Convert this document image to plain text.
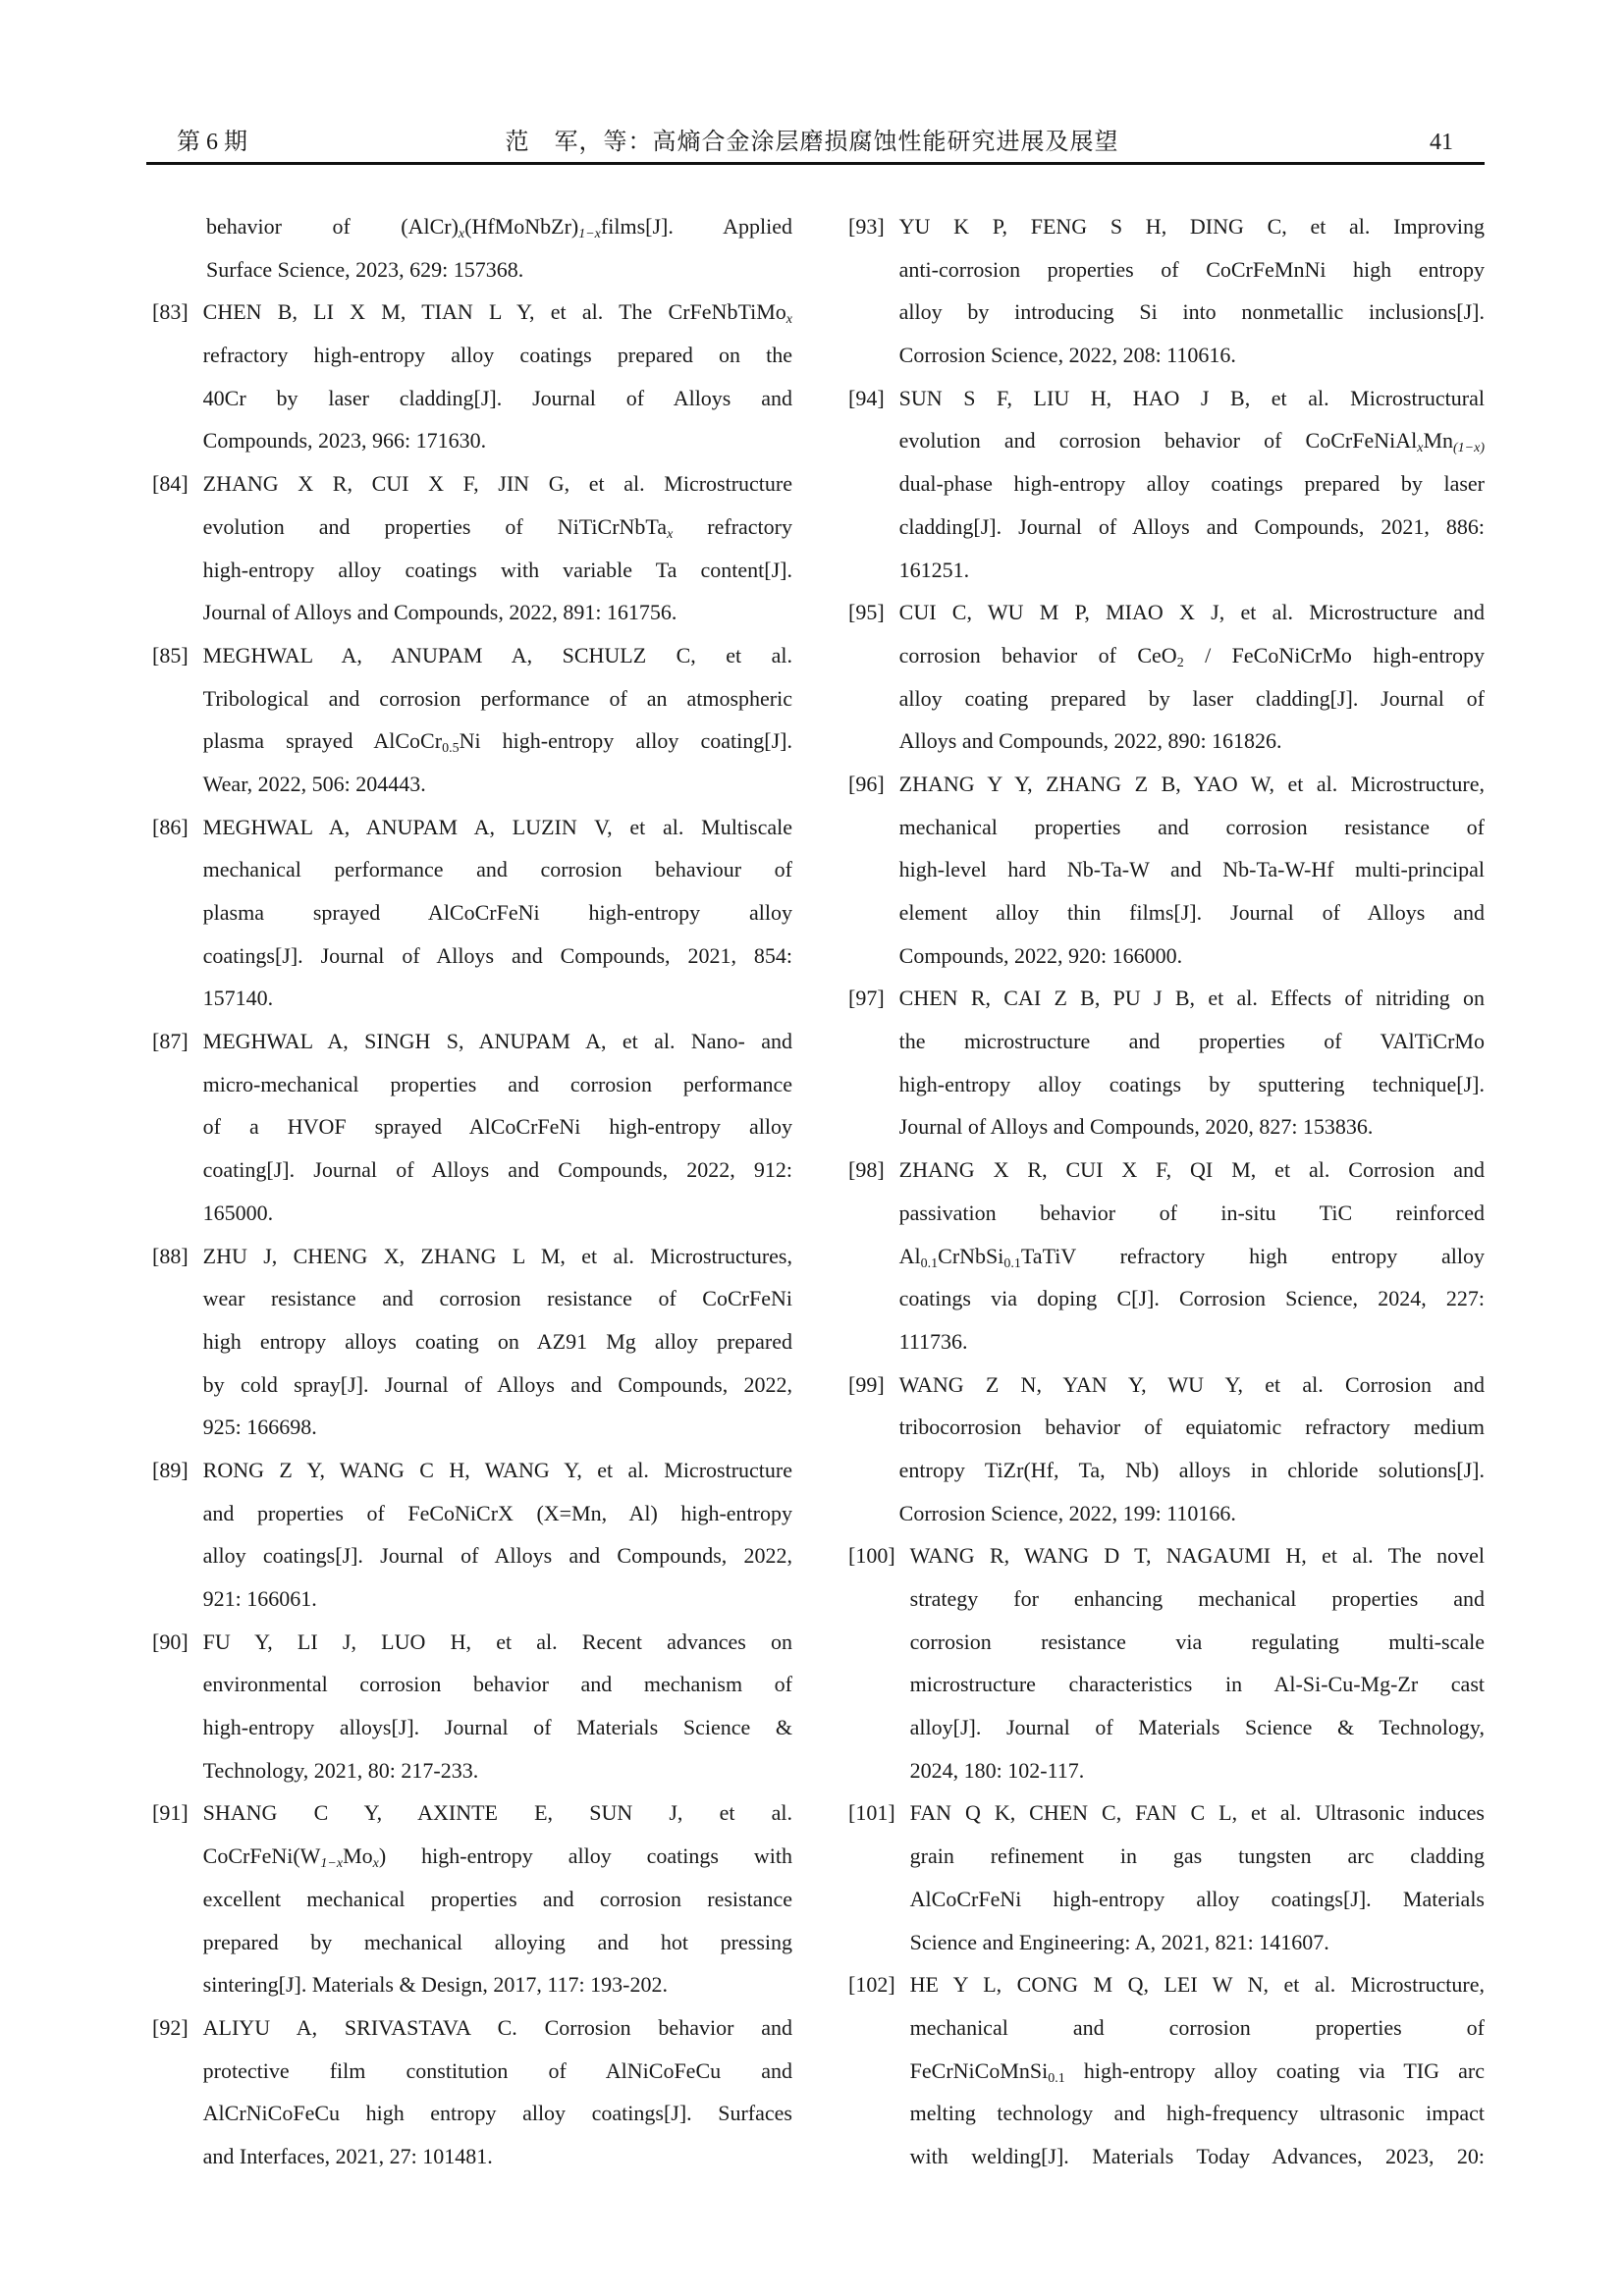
第 6 期	范　军，等：高熵合金涂层磨损腐蚀性能研究进展及展望	41
behavior of $(AlCr)_x(HfMoNbZr)_{1-x}films[J]$. Applied
Surface Science, 2023, 629: 157368.
[83] CHEN B, LI X M, TIAN L Y, et al. The CrFeNbTiMo$_x$
refractory high-entropy alloy coatings prepared on the
40Cr by laser cladding[J]. Journal of Alloys and
Compounds, 2023, 966: 171630.
[84] ZHANG X R, CUI X F, JIN G, et al. Microstructure
evolution and properties of NiTiCrNbTa$_x$ refractory
high-entropy alloy coatings with variable Ta content[J].
Journal of Alloys and Compounds, 2022, 891: 161756.
[85] MEGHWAL A, ANUPAM A, SCHULZ C, et al.
Tribological and corrosion performance of an atmospheric
plasma sprayed AlCoCr$_{0.5}$Ni high-entropy alloy coating[J].
Wear, 2022, 506: 204443.
[86] MEGHWAL A, ANUPAM A, LUZIN V, et al. Multiscale
mechanical performance and corrosion behaviour of
plasma sprayed AlCoCrFeNi high-entropy alloy
coatings[J]. Journal of Alloys and Compounds, 2021, 854:
157140.
[87] MEGHWAL A, SINGH S, ANUPAM A, et al. Nano- and
micro-mechanical properties and corrosion performance
of a HVOF sprayed AlCoCrFeNi high-entropy alloy
coating[J]. Journal of Alloys and Compounds, 2022, 912:
165000.
[88] ZHU J, CHENG X, ZHANG L M, et al. Microstructures,
wear resistance and corrosion resistance of CoCrFeNi
high entropy alloys coating on AZ91 Mg alloy prepared
by cold spray[J]. Journal of Alloys and Compounds, 2022,
925: 166698.
[89] RONG Z Y, WANG C H, WANG Y, et al. Microstructure
and properties of FeCoNiCrX (X=Mn, Al) high-entropy
alloy coatings[J]. Journal of Alloys and Compounds, 2022,
921: 166061.
[90] FU Y, LI J, LUO H, et al. Recent advances on
environmental corrosion behavior and mechanism of
high-entropy alloys[J]. Journal of Materials Science &
Technology, 2021, 80: 217-233.
[91] SHANG C Y, AXINTE E, SUN J, et al.
$CoCrFeNi(W_{1-x}Mo_x)$ high-entropy alloy coatings with
excellent mechanical properties and corrosion resistance
prepared by mechanical alloying and hot pressing
sintering[J]. Materials & Design, 2017, 117: 193-202.
[92] ALIYU A, SRIVASTAVA C. Corrosion behavior and
protective film constitution of AlNiCoFeCu and
AlCrNiCoFeCu high entropy alloy coatings[J]. Surfaces
and Interfaces, 2021, 27: 101481.
[93] YU K P, FENG S H, DING C, et al. Improving
anti-corrosion properties of CoCrFeMnNi high entropy
alloy by introducing Si into nonmetallic inclusions[J].
Corrosion Science, 2022, 208: 110616.
[94] SUN S F, LIU H, HAO J B, et al. Microstructural
evolution and corrosion behavior of $CoCrFeNiAl_xMn_{(1-x)}$
dual-phase high-entropy alloy coatings prepared by laser
cladding[J]. Journal of Alloys and Compounds, 2021, 886:
161251.
[95] CUI C, WU M P, MIAO X J, et al. Microstructure and
corrosion behavior of CeO$_2$ / FeCoNiCrMo high-entropy
alloy coating prepared by laser cladding[J]. Journal of
Alloys and Compounds, 2022, 890: 161826.
[96] ZHANG Y Y, ZHANG Z B, YAO W, et al. Microstructure,
mechanical properties and corrosion resistance of
high-level hard Nb-Ta-W and Nb-Ta-W-Hf multi-principal
element alloy thin films[J]. Journal of Alloys and
Compounds, 2022, 920: 166000.
[97] CHEN R, CAI Z B, PU J B, et al. Effects of nitriding on
the microstructure and properties of VAlTiCrMo
high-entropy alloy coatings by sputtering technique[J].
Journal of Alloys and Compounds, 2020, 827: 153836.
[98] ZHANG X R, CUI X F, QI M, et al. Corrosion and
passivation behavior of in-situ TiC reinforced
$Al_{0.1}CrNbSi_{0.1}TaTiV$ refractory high entropy alloy
coatings via doping C[J]. Corrosion Science, 2024, 227:
111736.
[99] WANG Z N, YAN Y, WU Y, et al. Corrosion and
tribocorrosion behavior of equiatomic refractory medium
entropy TiZr(Hf, Ta, Nb) alloys in chloride solutions[J].
Corrosion Science, 2022, 199: 110166.
[100] WANG R, WANG D T, NAGAUMI H, et al. The novel
strategy for enhancing mechanical properties and
corrosion resistance via regulating multi-scale
microstructure characteristics in Al-Si-Cu-Mg-Zr cast
alloy[J]. Journal of Materials Science & Technology,
2024, 180: 102-117.
[101] FAN Q K, CHEN C, FAN C L, et al. Ultrasonic induces
grain refinement in gas tungsten arc cladding
AlCoCrFeNi high-entropy alloy coatings[J]. Materials
Science and Engineering: A, 2021, 821: 141607.
[102] HE Y L, CONG M Q, LEI W N, et al. Microstructure,
mechanical and corrosion properties of
FeCrNiCoMnSi$_{0.1}$ high-entropy alloy coating via TIG arc
melting technology and high-frequency ultrasonic impact
with welding[J]. Materials Today Advances, 2023, 20:
